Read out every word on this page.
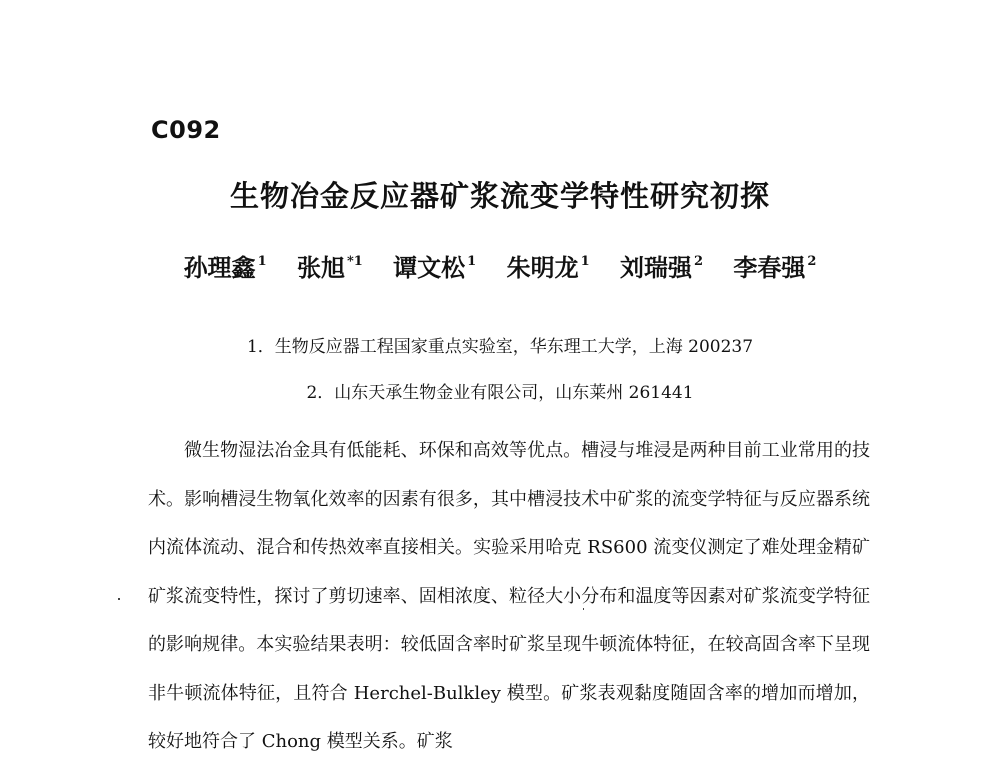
C092
生物冶金反应器矿浆流变学特性研究初探
孙理鑫 $^1$ 张旭 $^{*1}$ 谭文松 $^1$ 朱明龙 $^1$ 刘瑞强 $^2$ 李春强 $^2$
1．生物反应器工程国家重点实验室，华东理工大学，上海 200237
2．山东天承生物金业有限公司，山东莱州 261441
微生物湿法冶金具有低能耗、环保和高效等优点。槽浸与堆浸是两种目前工业常用的技术。影响槽浸生物氧化效率的因素有很多，其中槽浸技术中矿浆的流变学特征与反应器系统内流体流动、混合和传热效率直接相关。实验采用哈克 RS600 流变仪测定了难处理金精矿矿浆流变特性，探讨了剪切速率、固相浓度、粒径大小分布和温度等因素对矿浆流变学特征的影响规律。本实验结果表明：较低固含率时矿浆呈现牛顿流体特征，在较高固含率下呈现非牛顿流体特征，且符合 Herchel-Bulkley 模型。矿浆表观黏度随固含率的增加而增加，较好地符合了 Chong 模型关系。矿浆
